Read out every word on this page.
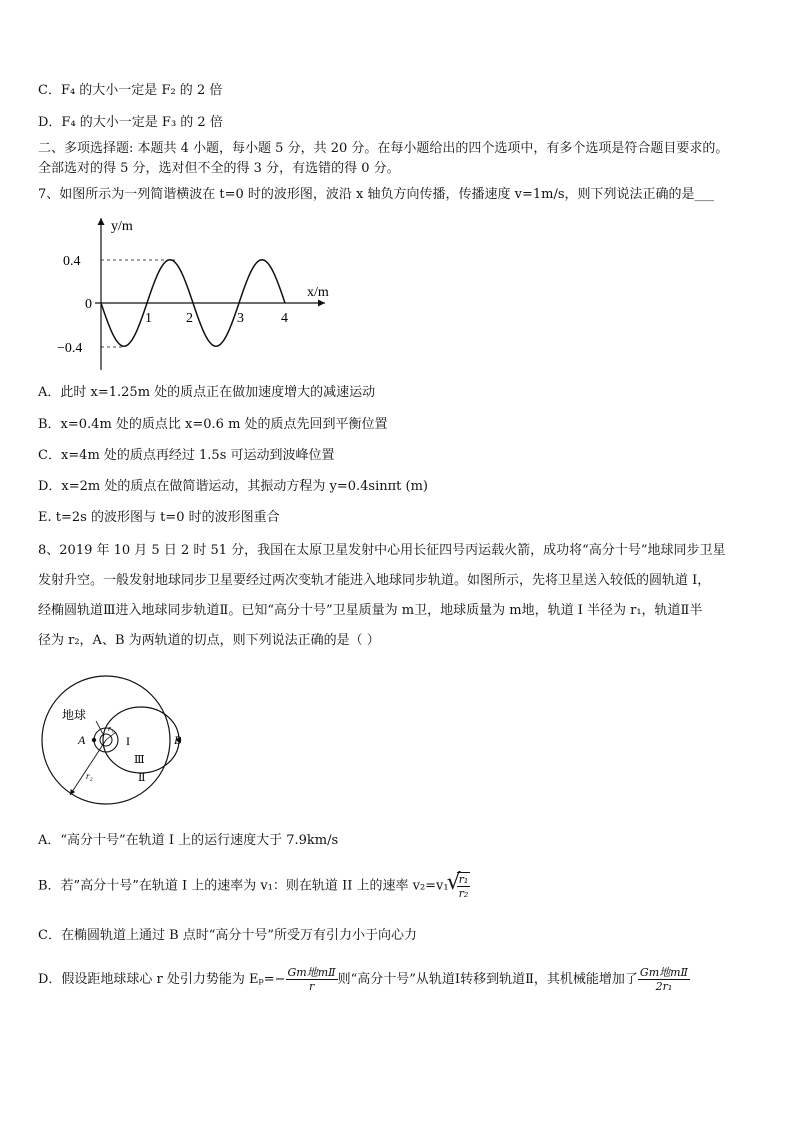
C．F₄ 的大小一定是 F₂ 的 2 倍
D．F₄ 的大小一定是 F₃ 的 2 倍
二、多项选择题: 本题共 4 小题，每小题 5 分，共 20 分。在每小题给出的四个选项中，有多个选项是符合题目要求的。
全部选对的得 5 分，选对但不全的得 3 分，有选错的得 0 分。
7、如图所示为一列简谐横波在 t=0 时的波形图，波沿 x 轴负方向传播，传播速度 v=1m/s，则下列说法正确的是___
y/m
x/m
0.4
0
−0.4
1 2	3	4
A．此时 x=1.25m 处的质点正在做加速度增大的减速运动
B．x=0.4m 处的质点比 x=0.6 m 处的质点先回到平衡位置
C．x=4m 处的质点再经过 1.5s 可运动到波峰位置
D．x=2m 处的质点在做简谐运动，其振动方程为 y=0.4sinπt (m)
E. t=2s 的波形图与 t=0 时的波形图重合
8、2019 年 10 月 5 日 2 时 51 分，我国在太原卫星发射中心用长征四号丙运载火箭，成功将“高分十号”地球同步卫星
发射升空。一般发射地球同步卫星要经过两次变轨才能进入地球同步轨道。如图所示，先将卫星送入较低的圆轨道 I，
经椭圆轨道Ⅲ进入地球同步轨道Ⅱ。已知“高分十号”卫星质量为 m卫，地球质量为 m地，轨道 I 半径为 r₁，轨道Ⅱ半
径为 r₂，A、B 为两轨道的切点，则下列说法正确的是（ ）
地球
A	B
r₁
I
Ⅲ
Ⅱ
r₂
A．“高分十号”在轨道 I 上的运行速度大于 7.9km/s
B．若”高分十号”在轨道 I 上的速率为 v₁：则在轨道 II 上的速率 v₂=v₁
√ $\frac{\text{r₁}}{\text{r₂}}$
C．在椭圆轨道上通过 B 点时“高分十号”所受万有引力小于向心力
D．假设距地球球心 r 处引力势能为 $E_p=- \frac{\text{Gm地mⅡ}}{r}$ 则“高分十号”从轨道Ⅰ转移到轨道Ⅱ，其机械能增加了 $\frac{\text{Gm地mⅡ}}{\text{2r₁}}$
